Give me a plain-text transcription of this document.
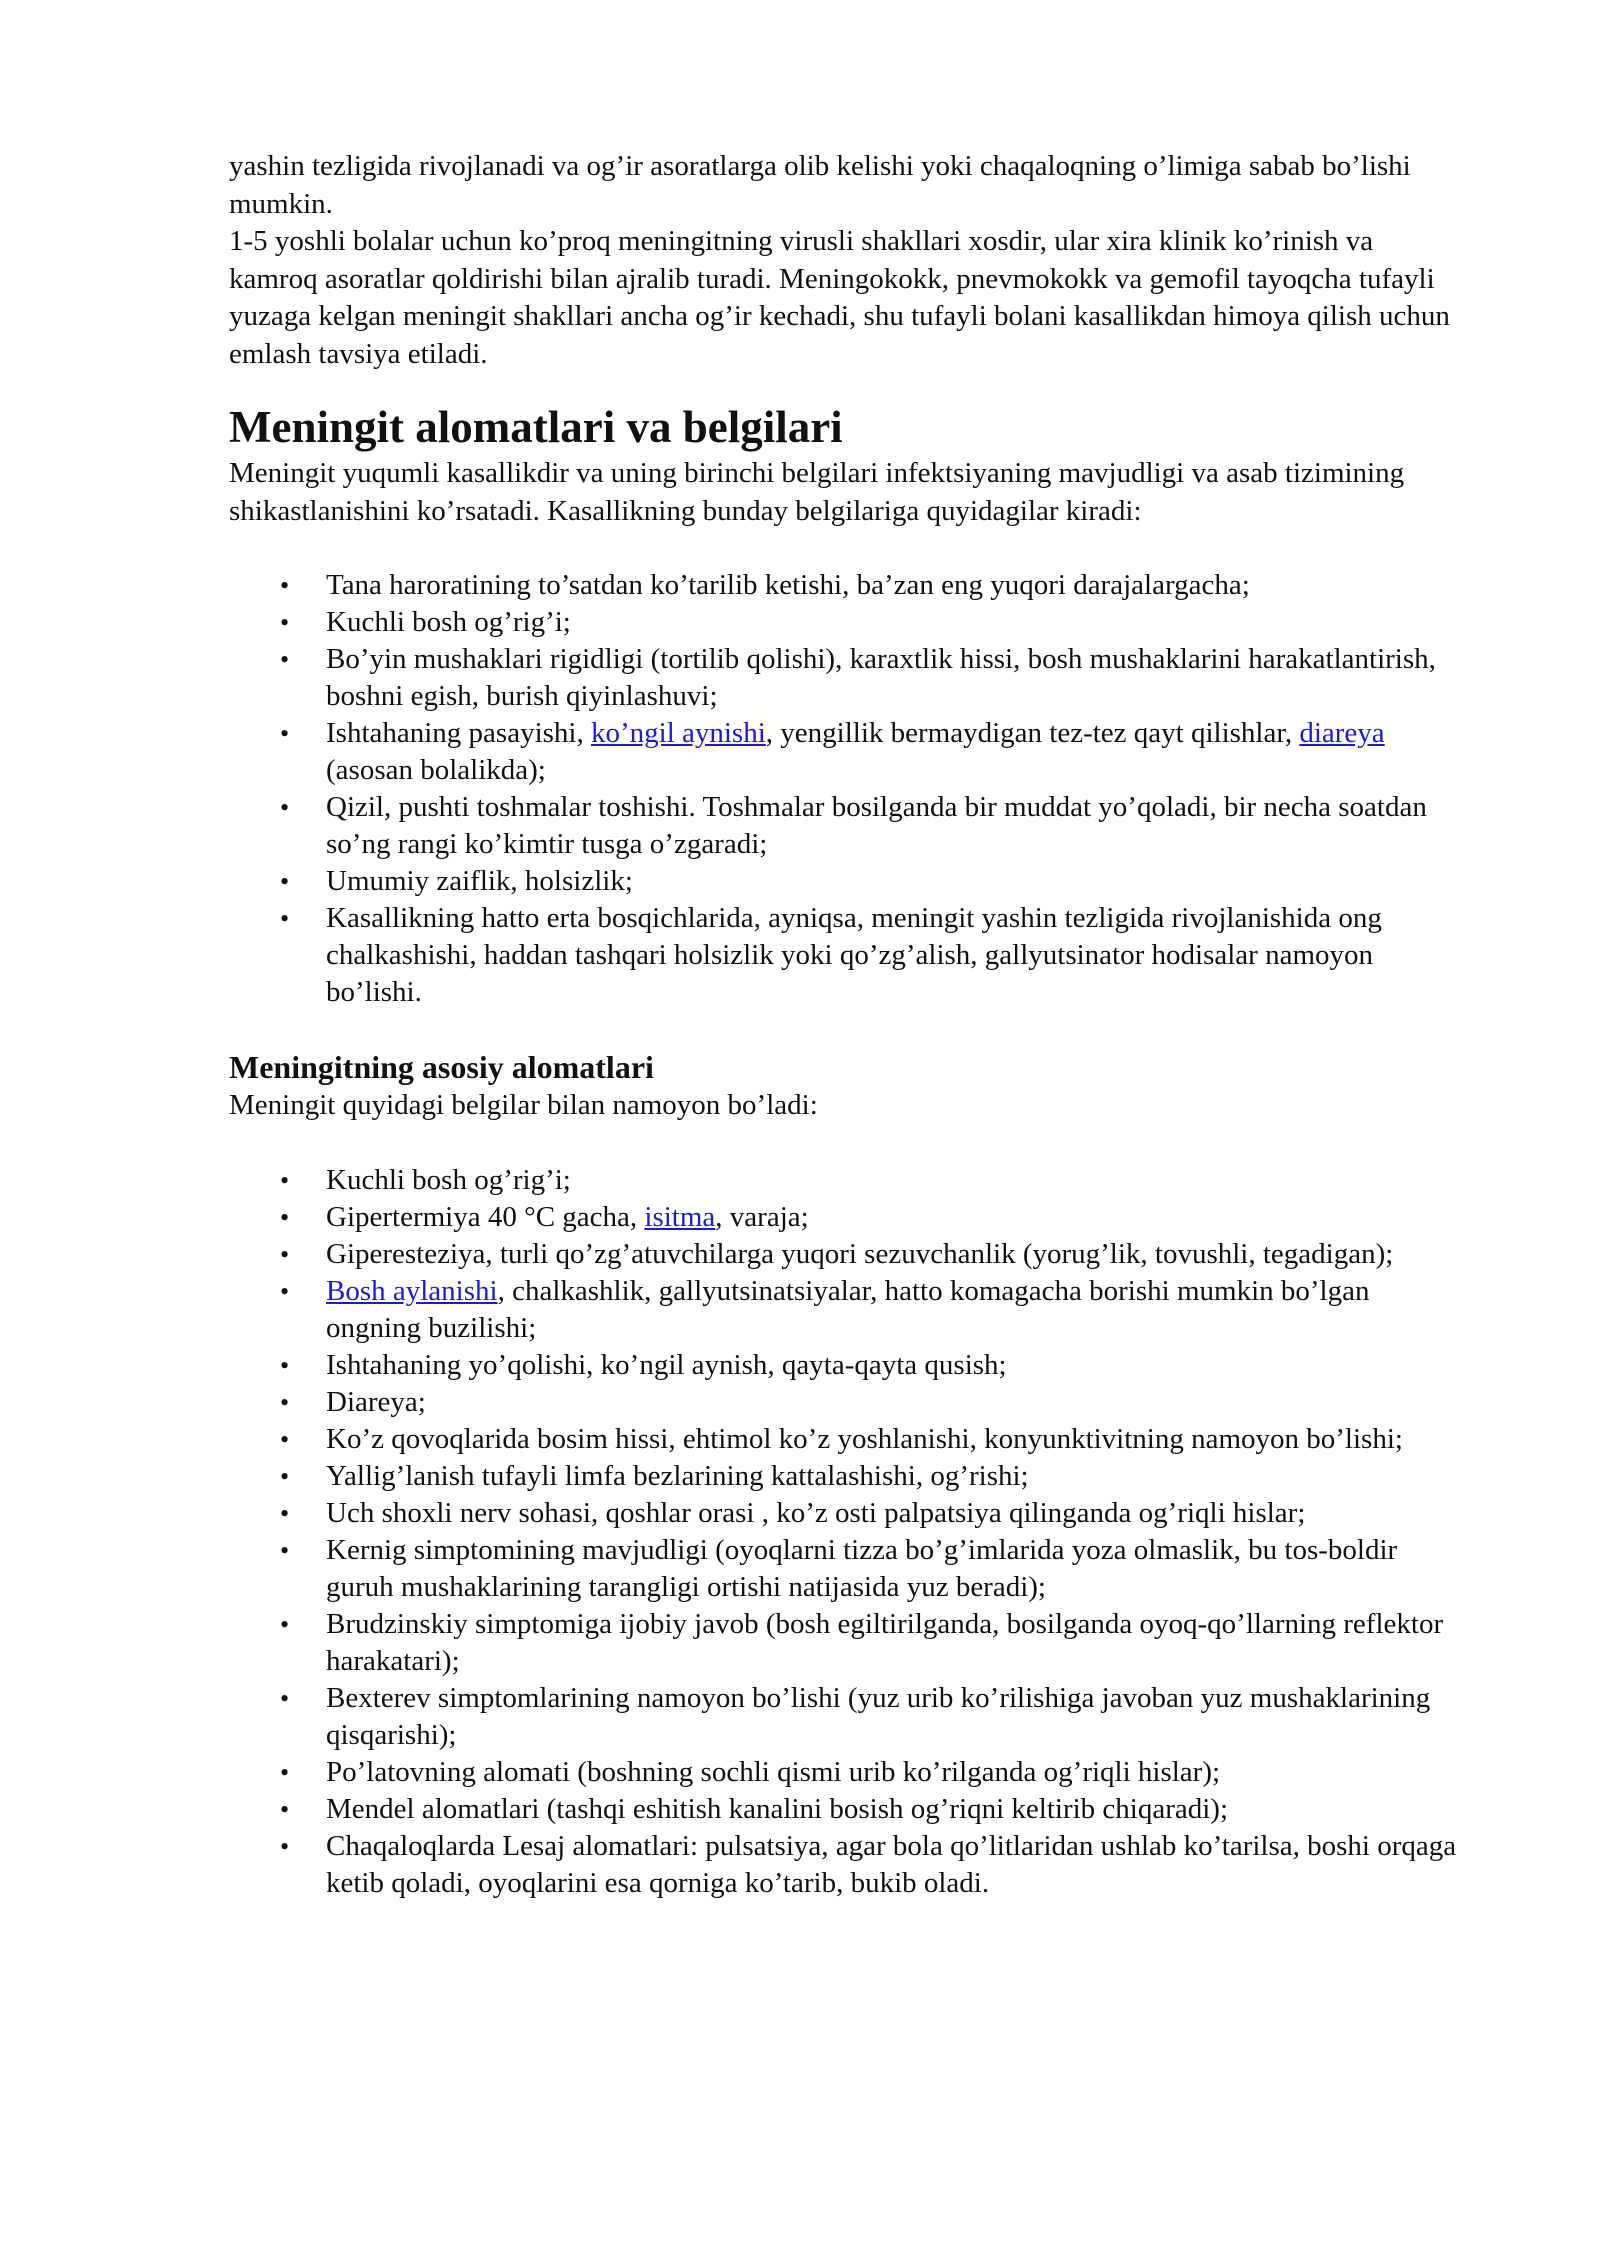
yashin tezligida rivojlanadi va og’ir asoratlarga olib kelishi yoki chaqaloqning o’limiga sabab bo’lishi mumkin.

1-5 yoshli bolalar uchun ko’proq meningitning virusli shakllari xosdir, ular xira klinik ko’rinish va kamroq asoratlar qoldirishi bilan ajralib turadi. Meningokokk, pnevmokokk va gemofil tayoqcha tufayli yuzaga kelgan meningit shakllari ancha og’ir kechadi, shu tufayli bolani kasallikdan himoya qilish uchun emlash tavsiya etiladi.

Meningit alomatlari va belgilari

Meningit yuqumli kasallikdir va uning birinchi belgilari infektsiyaning mavjudligi va asab tizimining shikastlanishini ko’rsatadi. Kasallikning bunday belgilariga quyidagilar kiradi:

• Tana haroratining to’satdan ko’tarilib ketishi, ba’zan eng yuqori darajalargacha;
• Kuchli bosh og’rig’i;
• Bo’yin mushaklari rigidligi (tortilib qolishi), karaxtlik hissi, bosh mushaklarini harakatlantirish, boshni egish, burish qiyinlashuvi;
• Ishtahaning pasayishi, ko’ngil aynishi, yengillik bermaydigan tez-tez qayt qilishlar, diareya (asosan bolalikda);
• Qizil, pushti toshmalar toshishi. Toshmalar bosilganda bir muddat yo’qoladi, bir necha soatdan so’ng rangi ko’kimtir tusga o’zgaradi;
• Umumiy zaiflik, holsizlik;
• Kasallikning hatto erta bosqichlarida, ayniqsa, meningit yashin tezligida rivojlanishida ong chalkashishi, haddan tashqari holsizlik yoki qo’zg’alish, gallyutsinator hodisalar namoyon bo’lishi.
Meningitning asosiy alomatlari

Meningit quyidagi belgilar bilan namoyon bo’ladi:

• Kuchli bosh og’rig’i;
• Gipertermiya 40 °C gacha, isitma, varaja;
• Giperesteziya, turli qo’zg’atuvchilarga yuqori sezuvchanlik (yorug’lik, tovushli, tegadigan);
• Bosh aylanishi, chalkashlik, gallyutsinatsiyalar, hatto komagacha borishi mumkin bo’lgan ongning buzilishi;
• Ishtahaning yo’qolishi, ko’ngil aynish, qayta-qayta qusish;
• Diareya;
• Ko’z qovoqlarida bosim hissi, ehtimol ko’z yoshlanishi, konyunktivitning namoyon bo’lishi;
• Yallig’lanish tufayli limfa bezlarining kattalashishi, og’rishi;
• Uch shoxli nerv sohasi, qoshlar orasi , ko’z osti palpatsiya qilinganda og’riqli hislar;
• Kernig simptomining mavjudligi (oyoqlarni tizza bo’g’imlarida yoza olmaslik, bu tos-boldir guruh mushaklarining tarangligi ortishi natijasida yuz beradi);
• Brudzinskiy simptomiga ijobiy javob (bosh egiltirilganda, bosilganda oyoq-qo’llarning reflektor harakatari);
• Bexterev simptomlarining namoyon bo’lishi (yuz urib ko’rilishiga javoban yuz mushaklarining qisqarishi);
• Po’latovning alomati (boshning sochli qismi urib ko’rilganda og’riqli hislar);
• Mendel alomatlari (tashqi eshitish kanalini bosish og’riqni keltirib chiqaradi);
• Chaqaloqlarda Lesaj alomatlari: pulsatsiya, agar bola qo’litlaridan ushlab ko’tarilsa, boshi orqaga ketib qoladi, oyoqlarini esa qorniga ko’tarib, bukib oladi.
